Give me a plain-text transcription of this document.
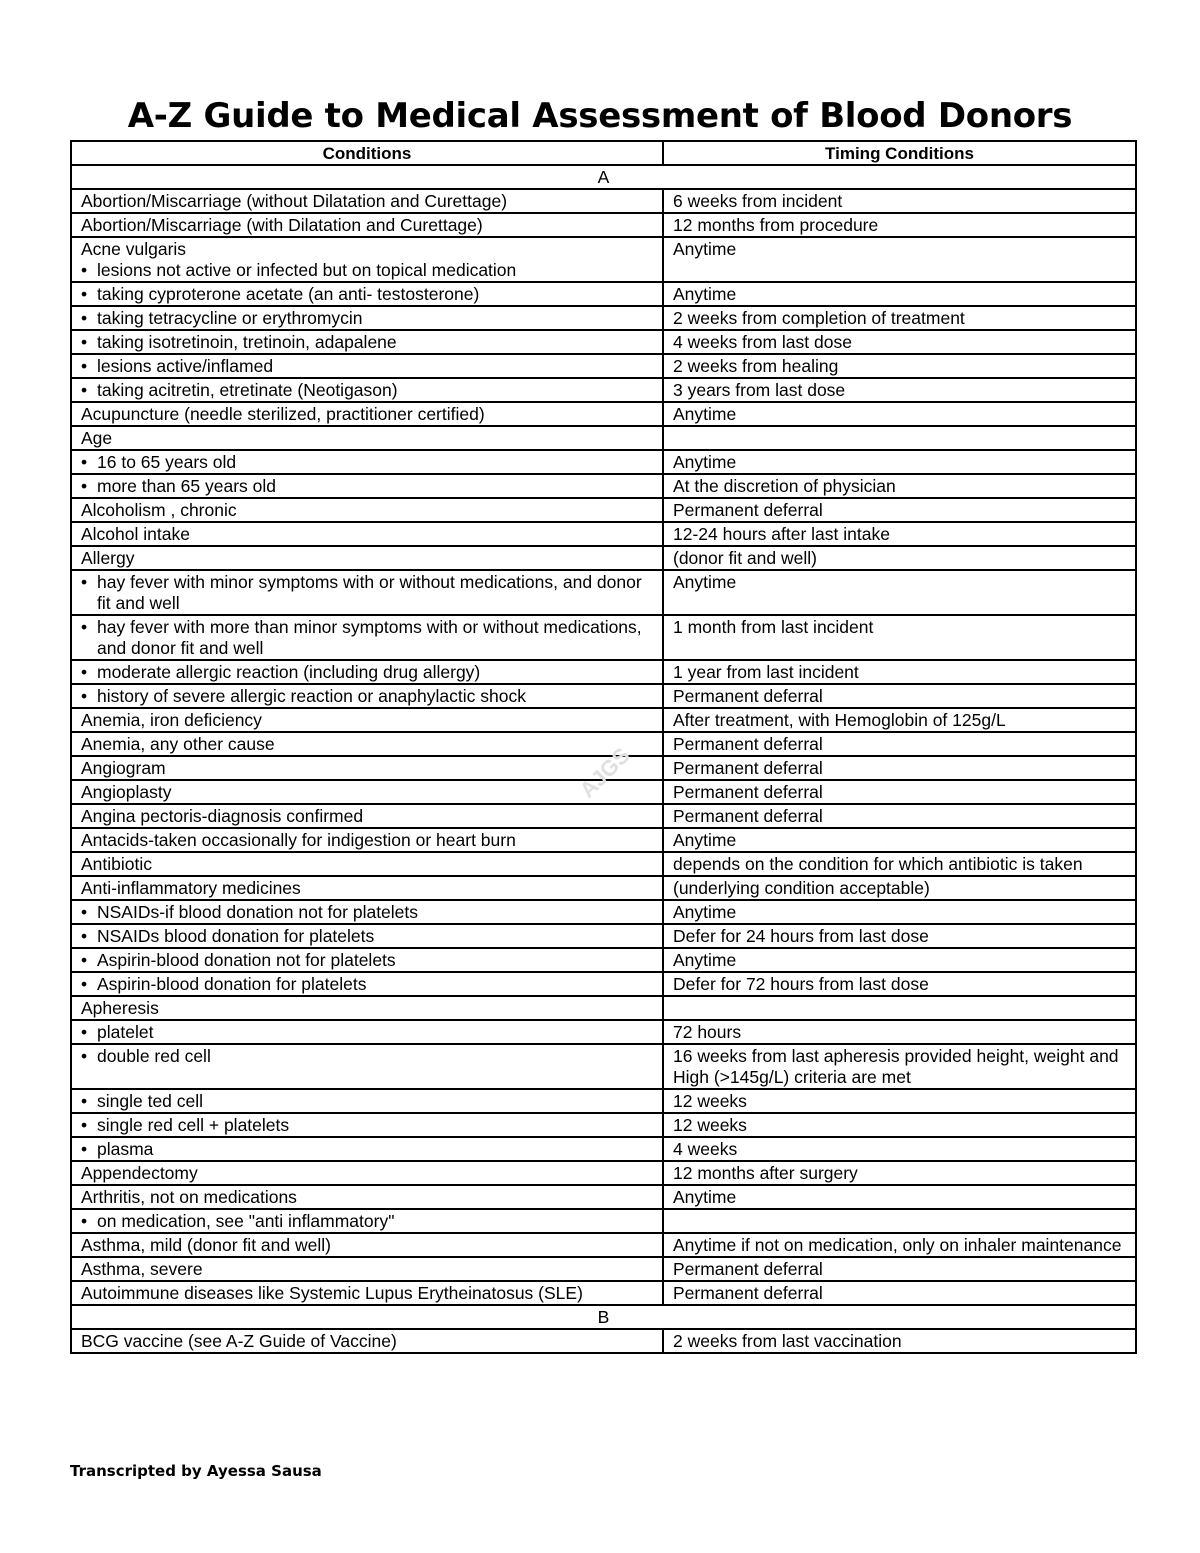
A-Z Guide to Medical Assessment of Blood Donors
Conditions	Timing Conditions
A	

Abortion/Miscarriage (without Dilatation and Curettage)	6 weeks from incident

Abortion/Miscarriage (with Dilatation and Curettage)	12 months from procedure

Acne vulgaris
• lesions not active or infected but on topical medication	Anytime

• taking cyproterone acetate (an anti- testosterone)	Anytime

• taking tetracycline or erythromycin	2 weeks from completion of treatment

• taking isotretinoin, tretinoin, adapalene	4 weeks from last dose

• lesions active/inflamed	2 weeks from healing

• taking acitretin, etretinate (Neotigason)	3 years from last dose

Acupuncture (needle sterilized, practitioner certified)	Anytime

Age	

• 16 to 65 years old	Anytime

• more than 65 years old	At the discretion of physician

Alcoholism , chronic	Permanent deferral

Alcohol intake	12-24 hours after last intake

Allergy	(donor fit and well)

• hay fever with minor symptoms with or without medications, and donor fit and well	Anytime

• hay fever with more than minor symptoms with or without medications, and donor fit and well	1 month from last incident

• moderate allergic reaction (including drug allergy)	1 year from last incident

• history of severe allergic reaction or anaphylactic shock	Permanent deferral

Anemia, iron deficiency	After treatment, with Hemoglobin of 125g/L

Anemia, any other cause	Permanent deferral

Angiogram	Permanent deferral

Angioplasty	Permanent deferral

Angina pectoris-diagnosis confirmed	Permanent deferral

Antacids-taken occasionally for indigestion or heart burn	Anytime

Antibiotic	depends on the condition for which antibiotic is taken

Anti-inflammatory medicines	(underlying condition acceptable)

• NSAIDs-if blood donation not for platelets	Anytime

• NSAIDs blood donation for platelets	Defer for 24 hours from last dose

• Aspirin-blood donation not for platelets	Anytime

• Aspirin-blood donation for platelets	Defer for 72 hours from last dose

Apheresis	

• platelet	72 hours

• double red cell	16 weeks from last apheresis provided height, weight and High (>145g/L) criteria are met

• single ted cell	12 weeks

• single red cell + platelets	12 weeks

• plasma	4 weeks

Appendectomy	12 months after surgery

Arthritis, not on medications	Anytime

• on medication, see "anti inflammatory"

Asthma, mild (donor fit and well)	Anytime if not on medication, only on inhaler maintenance

Asthma, severe	Permanent deferral

Autoimmune diseases like Systemic Lupus Erytheinatosus (SLE)	Permanent deferral
B	

BCG vaccine (see A-Z Guide of Vaccine)	2 weeks from last vaccination
AJGS
Transcripted by Ayessa Sausa
